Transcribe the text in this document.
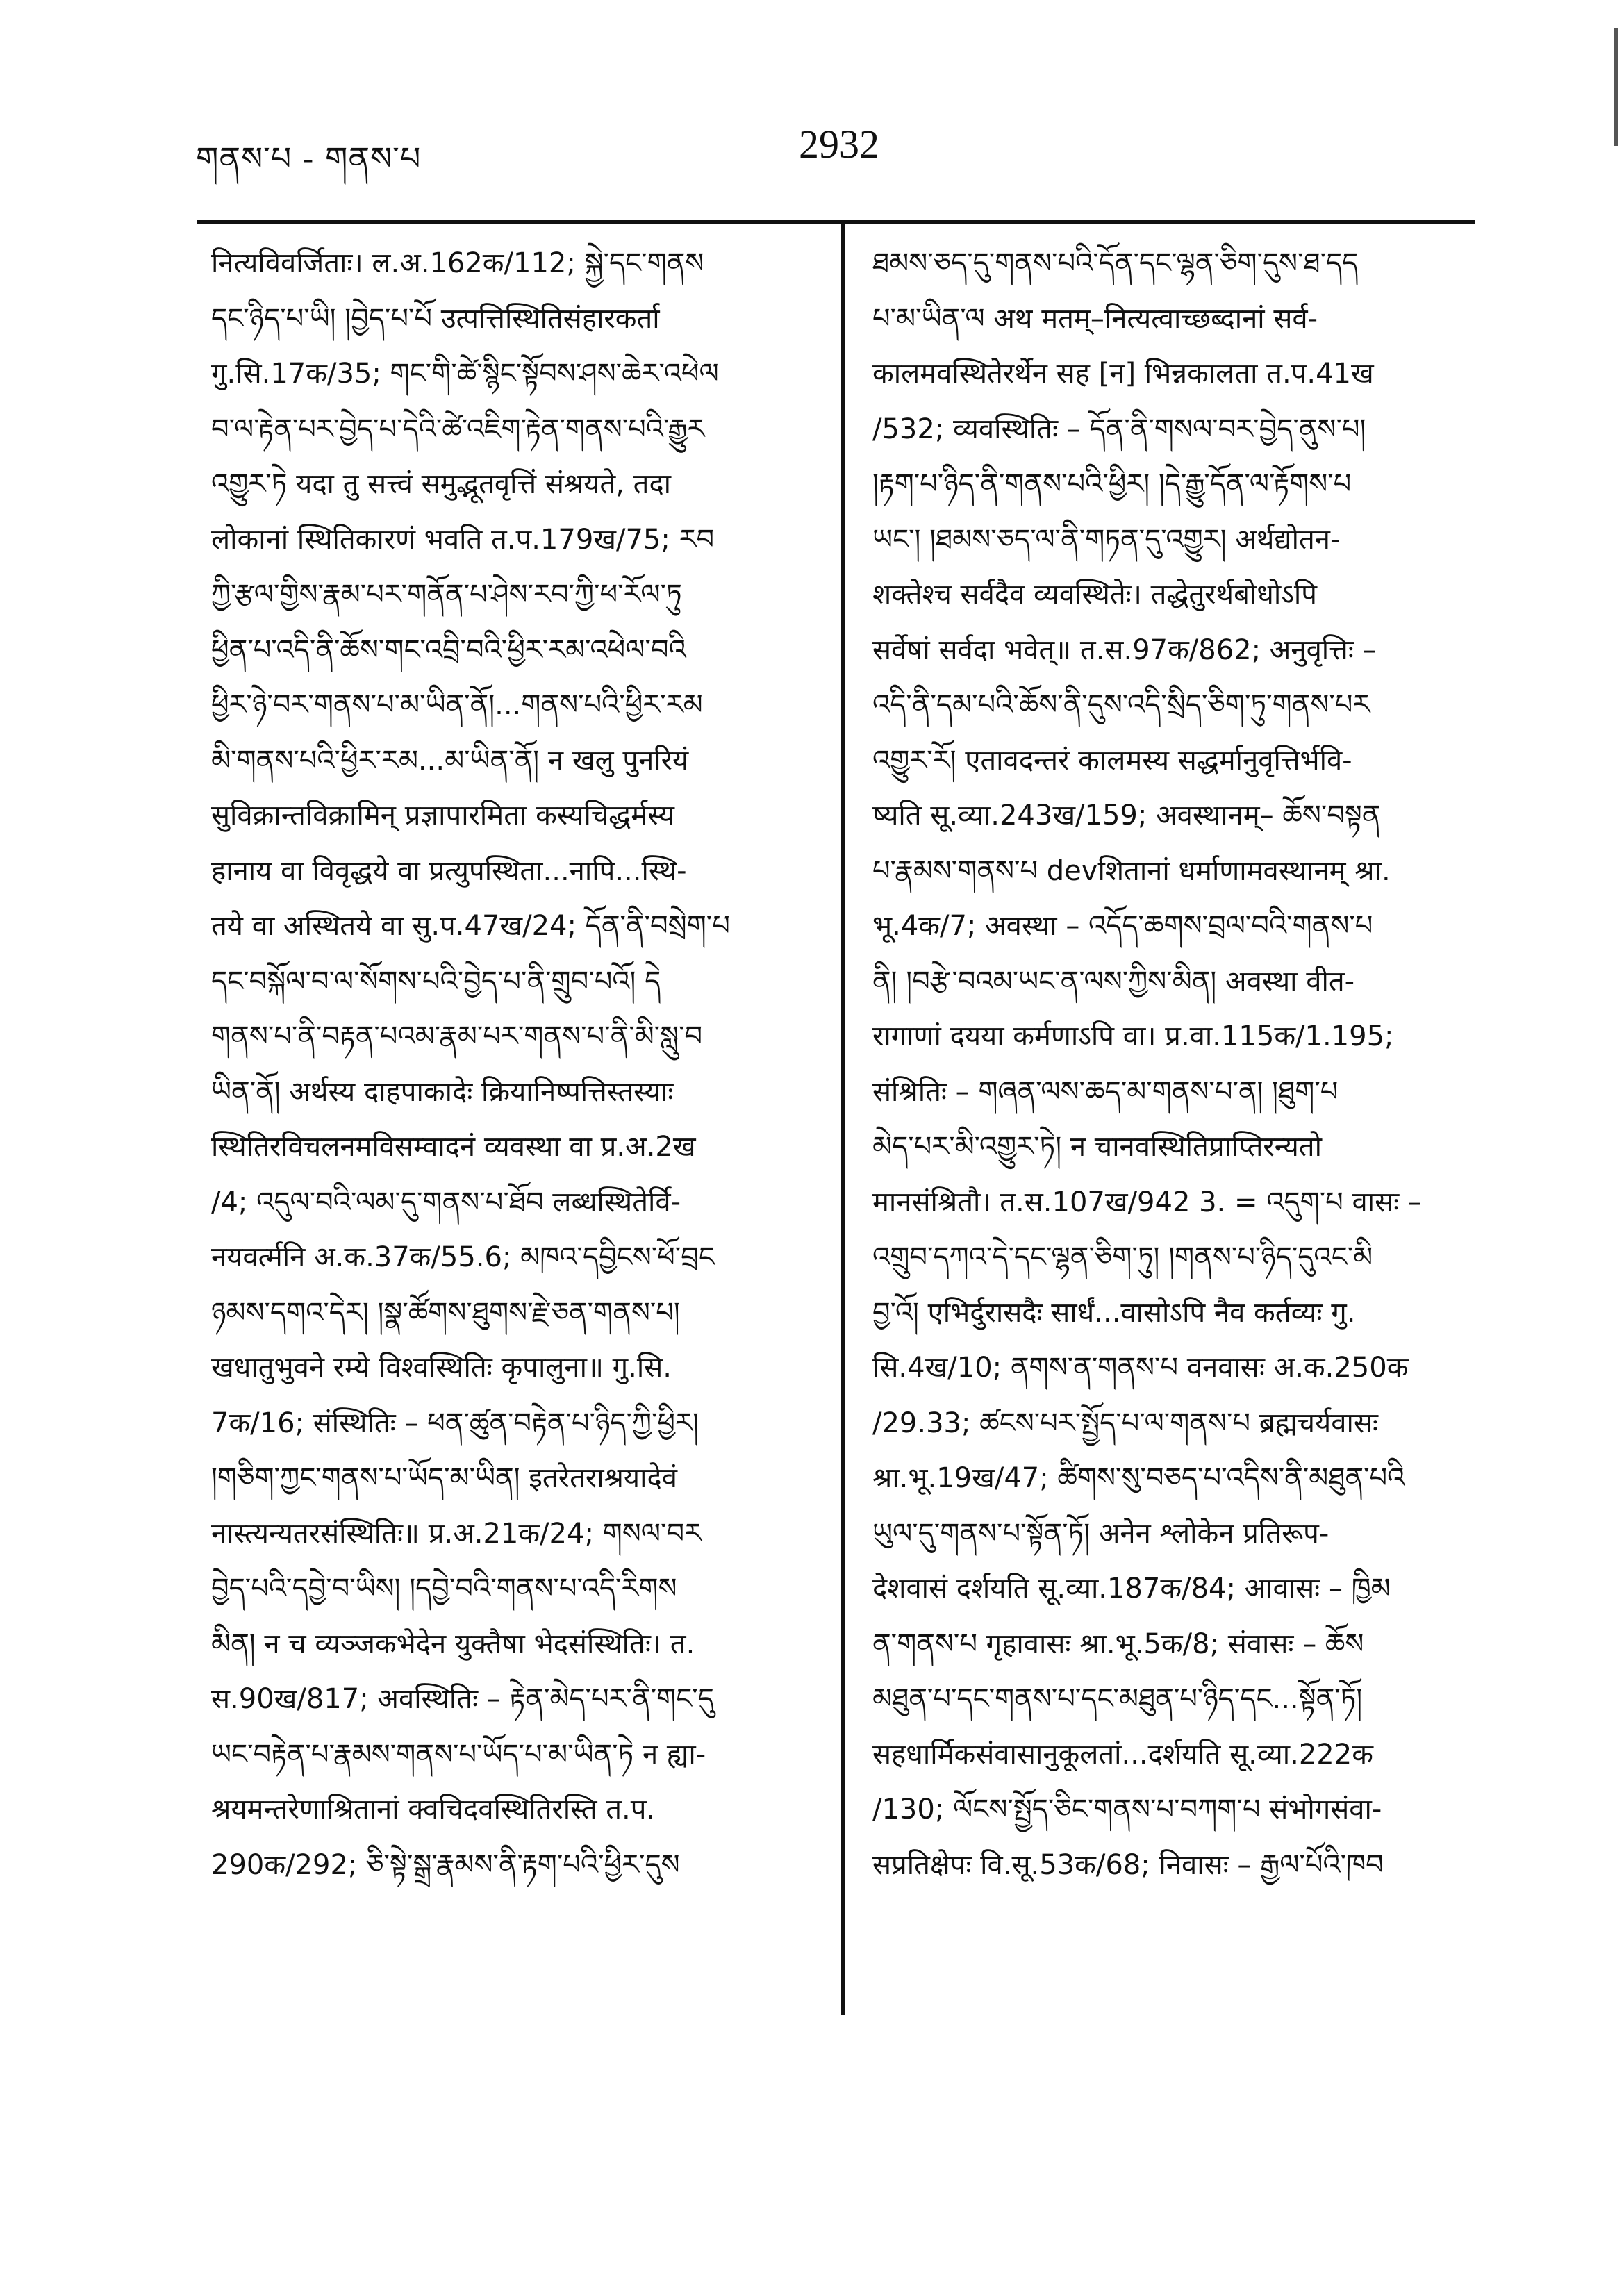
གནས་པ - གནས་པ	2932
नित्यविवर्जिताः। ल.अ.162क/112; སྐྱེ་དང་གནས
དང་ཉིད་པ་ཡི། །བྱེད་པ་པོ उत्पत्तिस्थितिसंहारकर्ता
गु.सि.17क/35; གང་གི་ཚེ་སྙིང་སྟོབས་ཤས་ཆེར་འཕེལ
བ་ལ་རྟེན་པར་བྱེད་པ་དེའི་ཚེ་འཇིག་རྟེན་གནས་པའི་རྒྱུར
འགྱུར་ཏེ यदा तु सत्त्वं समुद्भूतवृत्तिं संश्रयते, तदा
लोकानां स्थितिकारणं भवति त.प.179ख/75; རབ
ཀྱི་རྩལ་གྱིས་རྣམ་པར་གནོན་པ་ཤེས་རབ་ཀྱི་ཕ་རོལ་ཏུ
ཕྱིན་པ་འདི་ནི་ཆོས་གང་འབྲི་བའི་ཕྱིར་རམ་འཕེལ་བའི
ཕྱིར་ཉེ་བར་གནས་པ་མ་ཡིན་ནོ།...གནས་པའི་ཕྱིར་རམ
མི་གནས་པའི་ཕྱིར་རམ...མ་ཡིན་ནོ། न खलु पुनरियं
सुविक्रान्तविक्रामिन् प्रज्ञापारमिता कस्यचिद्धर्मस्य
हानाय वा विवृद्धये वा प्रत्युपस्थिता...नापि...स्थि-
तये वा अस्थितये वा सु.प.47ख/24; དོན་ནི་བསྲེག་པ
དང་བསྐོལ་བ་ལ་སོགས་པའི་བྱེད་པ་ནི་གྲུབ་པའོ། དེ
གནས་པ་ནི་བརྟན་པའམ་རྣམ་པར་གནས་པ་ནི་མི་སླུ་བ
ཡིན་ནོ། अर्थस्य दाहपाकादेः क्रियानिष्पत्तिस्तस्याः
स्थितिरविचलनमविसम्वादनं व्यवस्था वा प्र.अ.2ख
/4; འདུལ་བའི་ལམ་དུ་གནས་པ་ཐོབ लब्धस्थितेर्वि-
नयवर्त्मनि अ.क.37क/55.6; མཁའ་དབྱིངས་ཕོ་བྲང
ཉམས་དགའ་དེར། །སྣ་ཚོགས་ཐུགས་རྗེ་ཅན་གནས་པ།
खधातुभुवने रम्ये विश्वस्थितिः कृपालुना॥ गु.सि.
7क/16; संस्थितिः – ཕན་ཚུན་བརྟེན་པ་ཉིད་ཀྱི་ཕྱིར།
།གཅིག་ཀྱང་གནས་པ་ཡོད་མ་ཡིན། इतरेतराश्रयादेवं
नास्त्यन्यतरसंस्थितिः॥ प्र.अ.21क/24; གསལ་བར
བྱེད་པའི་དབྱེ་བ་ཡིས། །དབྱེ་བའི་གནས་པ་འདི་རིགས
མིན། न च व्यञ्जकभेदेन युक्तैषा भेदसंस्थितिः। त.
स.90ख/817; अवस्थितिः – རྟེན་མེད་པར་ནི་གང་དུ
ཡང་བརྟེན་པ་རྣམས་གནས་པ་ཡོད་པ་མ་ཡིན་ཏེ न ह्या-
श्रयमन्तरेणाश्रितानां क्वचिदवस्थितिरस्ति त.प.
290क/292; ཅི་སྟེ་སྒྲ་རྣམས་ནི་རྟག་པའི་ཕྱིར་དུས
ཐམས་ཅད་དུ་གནས་པའི་དོན་དང་ལྷན་ཅིག་དུས་ཐ་དད
པ་མ་ཡིན་ལ अथ मतम्–नित्यत्वाच्छब्दानां सर्व-
कालमवस्थितेरर्थेन सह [न] भिन्नकालता त.प.41ख
/532; व्यवस्थितिः – དོན་ནི་གསལ་བར་བྱེད་ནུས་པ།
།རྟག་པ་ཉིད་ནི་གནས་པའི་ཕྱིར། །དེ་རྒྱུ་དོན་ལ་རྟོགས་པ
ཡང་། །ཐམས་ཅད་ལ་ནི་གཏན་དུ་འགྱུར། अर्थद्योतन-
शक्तेश्च सर्वदैव व्यवस्थितेः। तद्धेतुरर्थबोधोऽपि
सर्वेषां सर्वदा भवेत्॥ त.स.97क/862; अनुवृत्तिः –
འདི་ནི་དམ་པའི་ཆོས་ནི་དུས་འདི་སྲིད་ཅིག་ཏུ་གནས་པར
འགྱུར་རོ། एतावदन्तरं कालमस्य सद्धर्मानुवृत्तिर्भवि-
ष्यति सू.व्या.243ख/159; अवस्थानम्– ཆོས་བསྟན
པ་རྣམས་གནས་པ devशितानां धर्माणामवस्थानम् श्रा.
भू.4क/7; अवस्था – འདོད་ཆགས་བྲལ་བའི་གནས་པ
ནི། །བརྩེ་བའམ་ཡང་ན་ལས་ཀྱིས་མིན། अवस्था वीत-
रागाणां दयया कर्मणाऽपि वा। प्र.वा.115क/1.195;
संश्रितिः – གཞན་ལས་ཆད་མ་གནས་པ་ན། །ཐུག་པ
མེད་པར་མི་འགྱུར་ཏེ། न चानवस्थितिप्राप्तिरन्यतो
मानसंश्रितौ। त.स.107ख/942 3. = འདུག་པ वासः –
འགྲུབ་དཀའ་དེ་དང་ལྷན་ཅིག་ཏུ། །གནས་པ་ཉིད་དུའང་མི
བྱ་འོ། एभिर्दुरासदैः सार्धं...वासोऽपि नैव कर्तव्यः गु.
सि.4ख/10; ནགས་ན་གནས་པ वनवासः अ.क.250क
/29.33; ཚངས་པར་སྤྱོད་པ་ལ་གནས་པ ब्रह्मचर्यवासः
श्रा.भू.19ख/47; ཚིགས་སུ་བཅད་པ་འདིས་ནི་མཐུན་པའི
ཡུལ་དུ་གནས་པ་སྟོན་ཏོ། अनेन श्लोकेन प्रतिरूप-
देशवासं दर्शयति सू.व्या.187क/84; आवासः – ཁྱིམ
ན་གནས་པ गृहावासः श्रा.भू.5क/8; संवासः – ཆོས
མཐུན་པ་དང་གནས་པ་དང་མཐུན་པ་ཉིད་དང...སྟོན་ཏོ།
सहधार्मिकसंवासानुकूलतां...दर्शयति सू.व्या.222क
/130; ལོངས་སྤྱོད་ཅིང་གནས་པ་བཀག་པ संभोगसंवा-
सप्रतिक्षेपः वि.सू.53क/68; निवासः – རྒྱལ་པོའི་ཁབ
